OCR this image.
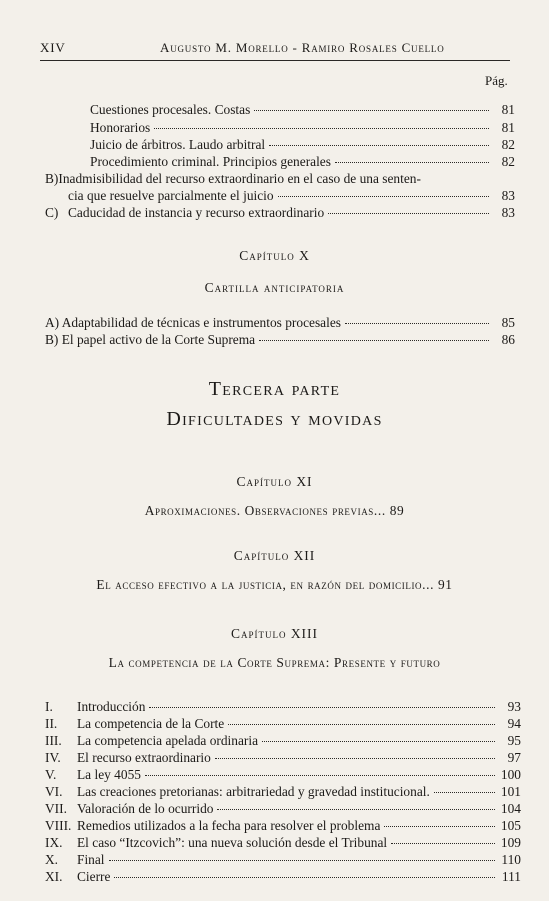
XIV	Augusto M. Morello - Ramiro Rosales Cuello
Pág.
Cuestiones procesales. Costas	81
Honorarios	81
Juicio de árbitros. Laudo arbitral	82
Procedimiento criminal. Principios generales	82
B)Inadmisibilidad del recurso extraordinario en el caso de una senten-
cia que resuelve parcialmente el juicio	83
C) Caducidad de instancia y recurso extraordinario	83
Capítulo X
Cartilla anticipatoria
A) Adaptabilidad de técnicas e instrumentos procesales	85
B) El papel activo de la Corte Suprema	86
Tercera parte
Dificultades y movidas
Capítulo XI
Aproximaciones. Observaciones previas... 89
Capítulo XII
El acceso efectivo a la justicia, en razón del domicilio... 91
Capítulo XIII
La competencia de la Corte Suprema: Presente y futuro
I.	Introducción	93
II.	La competencia de la Corte	94
III.	La competencia apelada ordinaria	95
IV.	El recurso extraordinario	97
V.	La ley 4055	100
VI.	Las creaciones pretorianas: arbitrariedad y gravedad institucional.	101
VII. Valoración de lo ocurrido	104
VIII. Remedios utilizados a la fecha para resolver el problema	105
IX.	El caso “Itzcovich”: una nueva solución desde el Tribunal	109
X.	Final	110
XI.	Cierre	111
